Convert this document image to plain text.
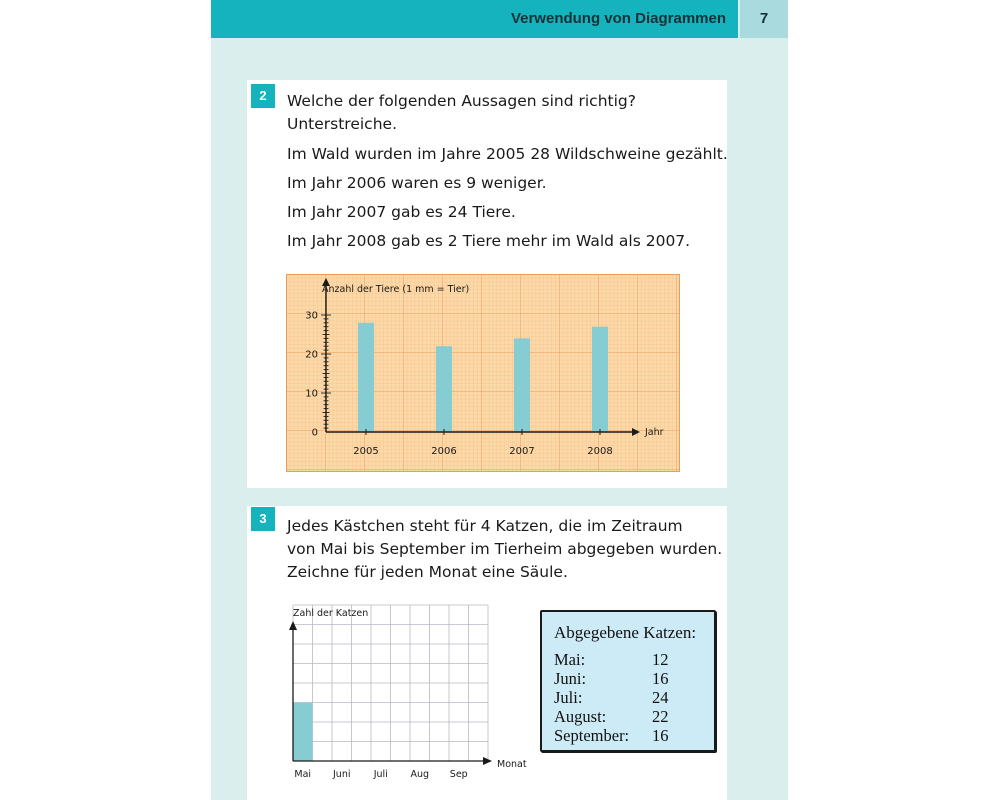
Verwendung von Diagrammen	7
2	Welche der folgenden Aussagen sind richtig?
Unterstreiche.
Im Wald wurden im Jahre 2005 28 Wildschweine gezählt.
Im Jahr 2006 waren es 9 weniger.
Im Jahr 2007 gab es 24 Tiere.
Im Jahr 2008 gab es 2 Tiere mehr im Wald als 2007.
0
10
20
30
2005	2006	2007	2008
Anzahl der Tiere (1 mm = Tier)
Jahr
3	Jedes Kästchen steht für 4 Katzen, die im Zeitraum
von Mai bis September im Tierheim abgegeben wurden.
Zeichne für jeden Monat eine Säule.
Mai Juni Juli Aug Sep
Zahl der Katzen
Monat
Abgegebene Katzen:
Mai:	12
Juni:	16
Juli:	24
August:	22
September: 16
